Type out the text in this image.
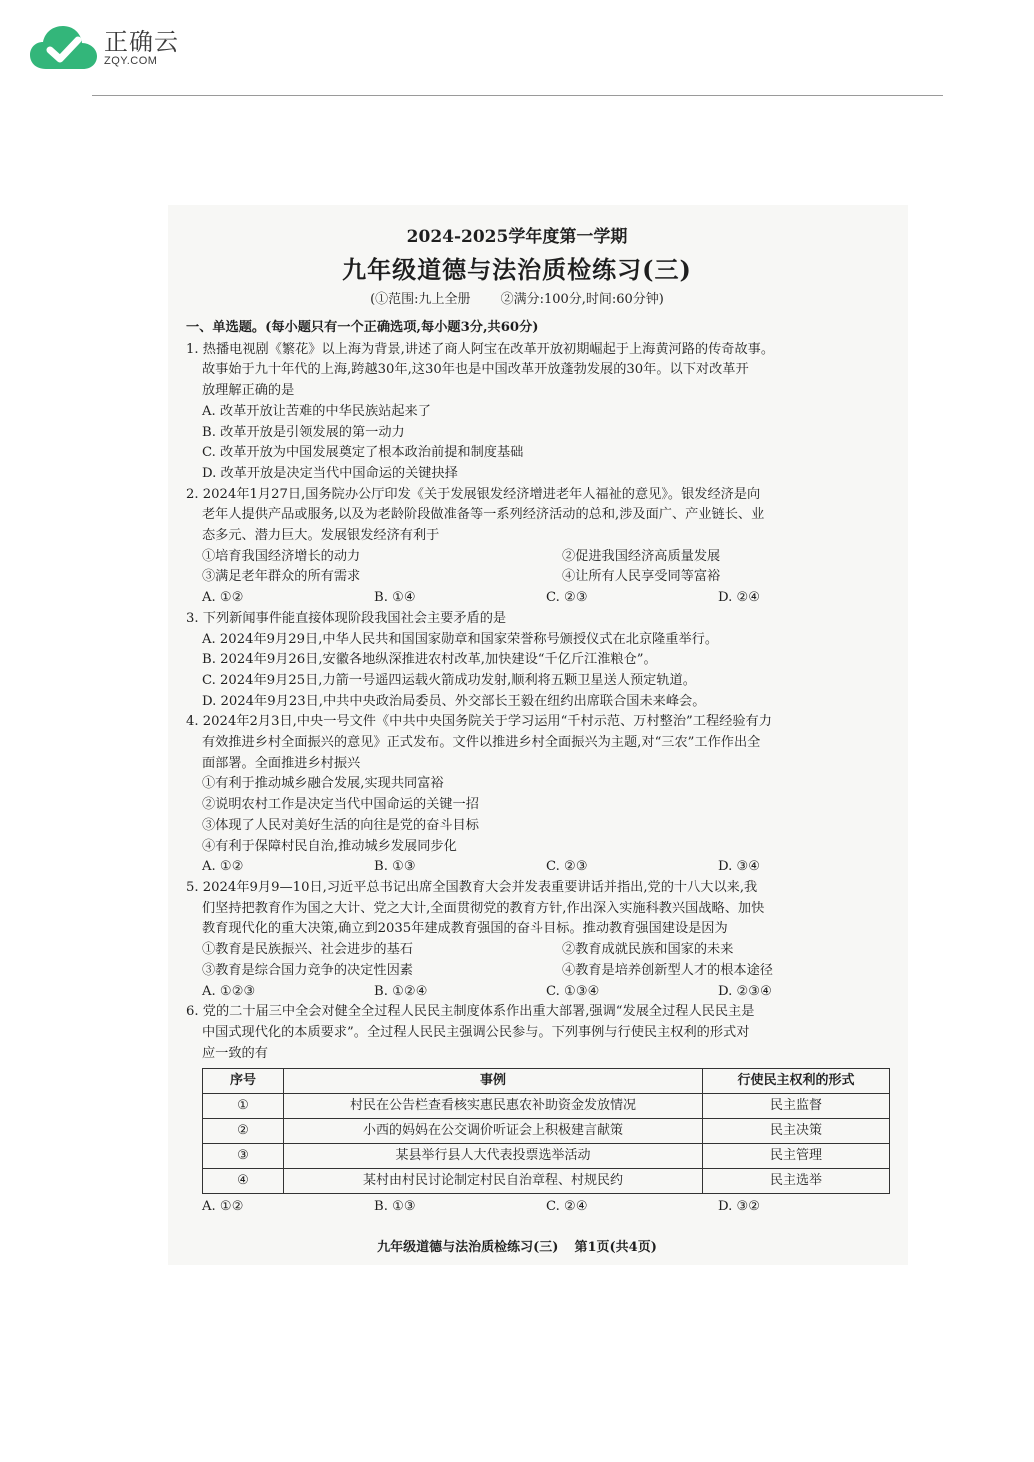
正确云
ZQY.COM
2024-2025学年度第一学期
九年级道德与法治质检练习(三)
(①范围:九上全册 ②满分:100分,时间:60分钟)
一、单选题。(每小题只有一个正确选项,每小题3分,共60分)
1. 热播电视剧《繁花》以上海为背景,讲述了商人阿宝在改革开放初期崛起于上海黄河路的传奇故事。
故事始于九十年代的上海,跨越30年,这30年也是中国改革开放蓬勃发展的30年。以下对改革开
放理解正确的是
A. 改革开放让苦难的中华民族站起来了
B. 改革开放是引领发展的第一动力
C. 改革开放为中国发展奠定了根本政治前提和制度基础
D. 改革开放是决定当代中国命运的关键抉择
2. 2024年1月27日,国务院办公厅印发《关于发展银发经济增进老年人福祉的意见》。银发经济是向
老年人提供产品或服务,以及为老龄阶段做准备等一系列经济活动的总和,涉及面广、产业链长、业
态多元、潜力巨大。发展银发经济有利于
①培育我国经济增长的动力	②促进我国经济高质量发展
③满足老年群众的所有需求	④让所有人民享受同等富裕
A. ①②	B. ①④	C. ②③	D. ②④
3. 下列新闻事件能直接体现阶段我国社会主要矛盾的是
A. 2024年9月29日,中华人民共和国国家勋章和国家荣誉称号颁授仪式在北京隆重举行。
B. 2024年9月26日,安徽各地纵深推进农村改革,加快建设“千亿斤江淮粮仓”。
C. 2024年9月25日,力箭一号遥四运载火箭成功发射,顺利将五颗卫星送人预定轨道。
D. 2024年9月23日,中共中央政治局委员、外交部长王毅在纽约出席联合国未来峰会。
4. 2024年2月3日,中央一号文件《中共中央国务院关于学习运用“千村示范、万村整治”工程经验有力
有效推进乡村全面振兴的意见》正式发布。文件以推进乡村全面振兴为主题,对“三农”工作作出全
面部署。全面推进乡村振兴
①有利于推动城乡融合发展,实现共同富裕
②说明农村工作是决定当代中国命运的关键一招
③体现了人民对美好生活的向往是党的奋斗目标
④有利于保障村民自治,推动城乡发展同步化
A. ①②	B. ①③	C. ②③	D. ③④
5. 2024年9月9—10日,习近平总书记出席全国教育大会并发表重要讲话并指出,党的十八大以来,我
们坚持把教育作为国之大计、党之大计,全面贯彻党的教育方针,作出深入实施科教兴国战略、加快
教育现代化的重大决策,确立到2035年建成教育强国的奋斗目标。推动教育强国建设是因为
①教育是民族振兴、社会进步的基石	②教育成就民族和国家的未来
③教育是综合国力竞争的决定性因素	④教育是培养创新型人才的根本途径
A. ①②③	B. ①②④	C. ①③④	D. ②③④
6. 党的二十届三中全会对健全全过程人民民主制度体系作出重大部署,强调“发展全过程人民民主是
中国式现代化的本质要求”。全过程人民民主强调公民参与。下列事例与行使民主权利的形式对
应一致的有
序号	事例	行使民主权利的形式
①	村民在公告栏查看核实惠民惠农补助资金发放情况	民主监督
②	小西的妈妈在公交调价听证会上积极建言献策	民主决策
③	某县举行县人大代表投票选举活动	民主管理
④	某村由村民讨论制定村民自治章程、村规民约	民主选举
A. ①②	B. ①③	C. ②④	D. ③②
九年级道德与法治质检练习(三) 第1页(共4页)
